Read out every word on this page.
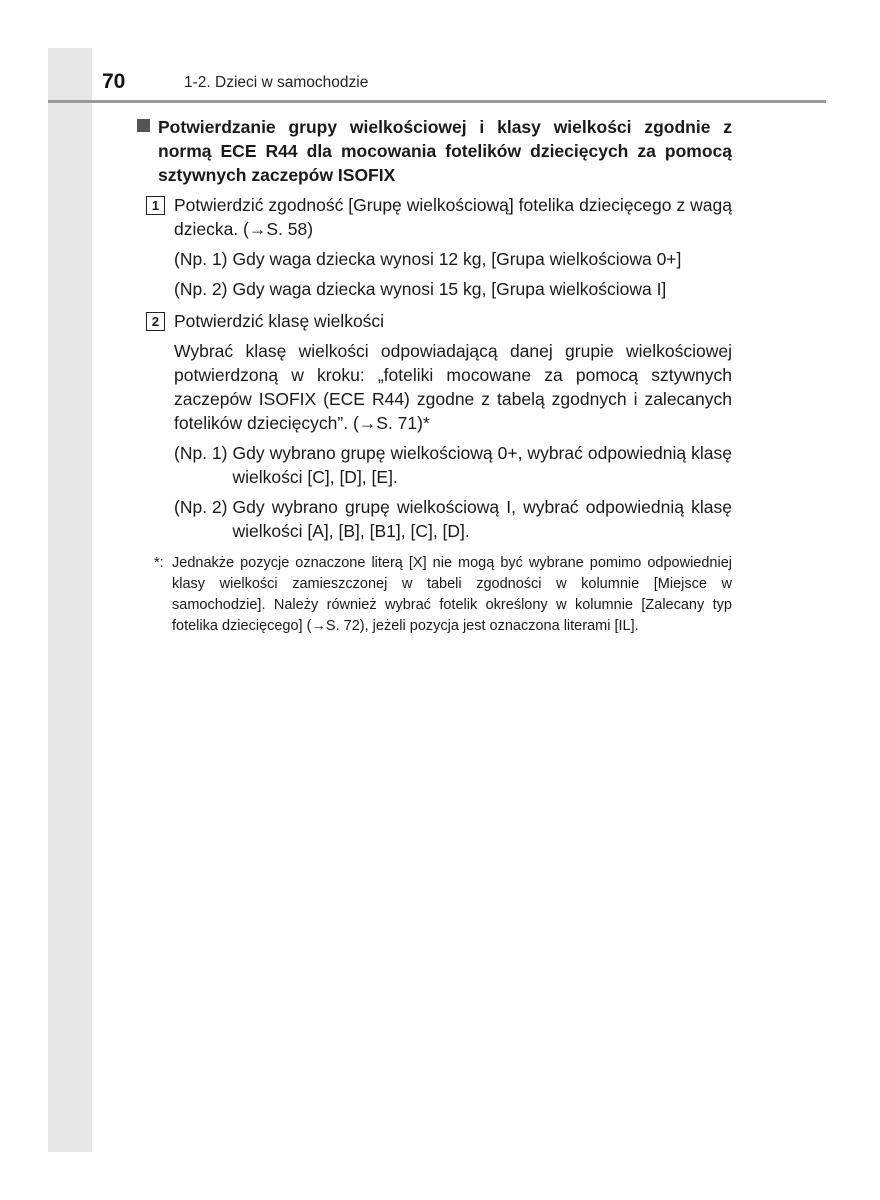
70	1-2. Dzieci w samochodzie
Potwierdzanie grupy wielkościowej i klasy wielkości zgodnie z normą ECE R44 dla mocowania fotelików dziecięcych za pomocą sztywnych zaczepów ISOFIX
1 Potwierdzić zgodność [Grupę wielkościową] fotelika dziecięcego z wagą dziecka. (→S. 58)
(Np. 1) Gdy waga dziecka wynosi 12 kg, [Grupa wielkościowa 0+]
(Np. 2) Gdy waga dziecka wynosi 15 kg, [Grupa wielkościowa I]
2 Potwierdzić klasę wielkości
Wybrać klasę wielkości odpowiadającą danej grupie wielkościowej potwierdzoną w kroku: „foteliki mocowane za pomocą sztywnych zaczepów ISOFIX (ECE R44) zgodne z tabelą zgodnych i zalecanych fotelików dziecięcych”. (→S. 71)*
(Np. 1) Gdy wybrano grupę wielkościową 0+, wybrać odpowiednią klasę wielkości [C], [D], [E].
(Np. 2) Gdy wybrano grupę wielkościową I, wybrać odpowiednią klasę wielkości [A], [B], [B1], [C], [D].
*: Jednakże pozycje oznaczone literą [X] nie mogą być wybrane pomimo odpowiedniej klasy wielkości zamieszczonej w tabeli zgodności w kolumnie [Miejsce w samochodzie]. Należy również wybrać fotelik określony w kolumnie [Zalecany typ fotelika dziecięcego] (→S. 72), jeżeli pozycja jest oznaczona literami [IL].
